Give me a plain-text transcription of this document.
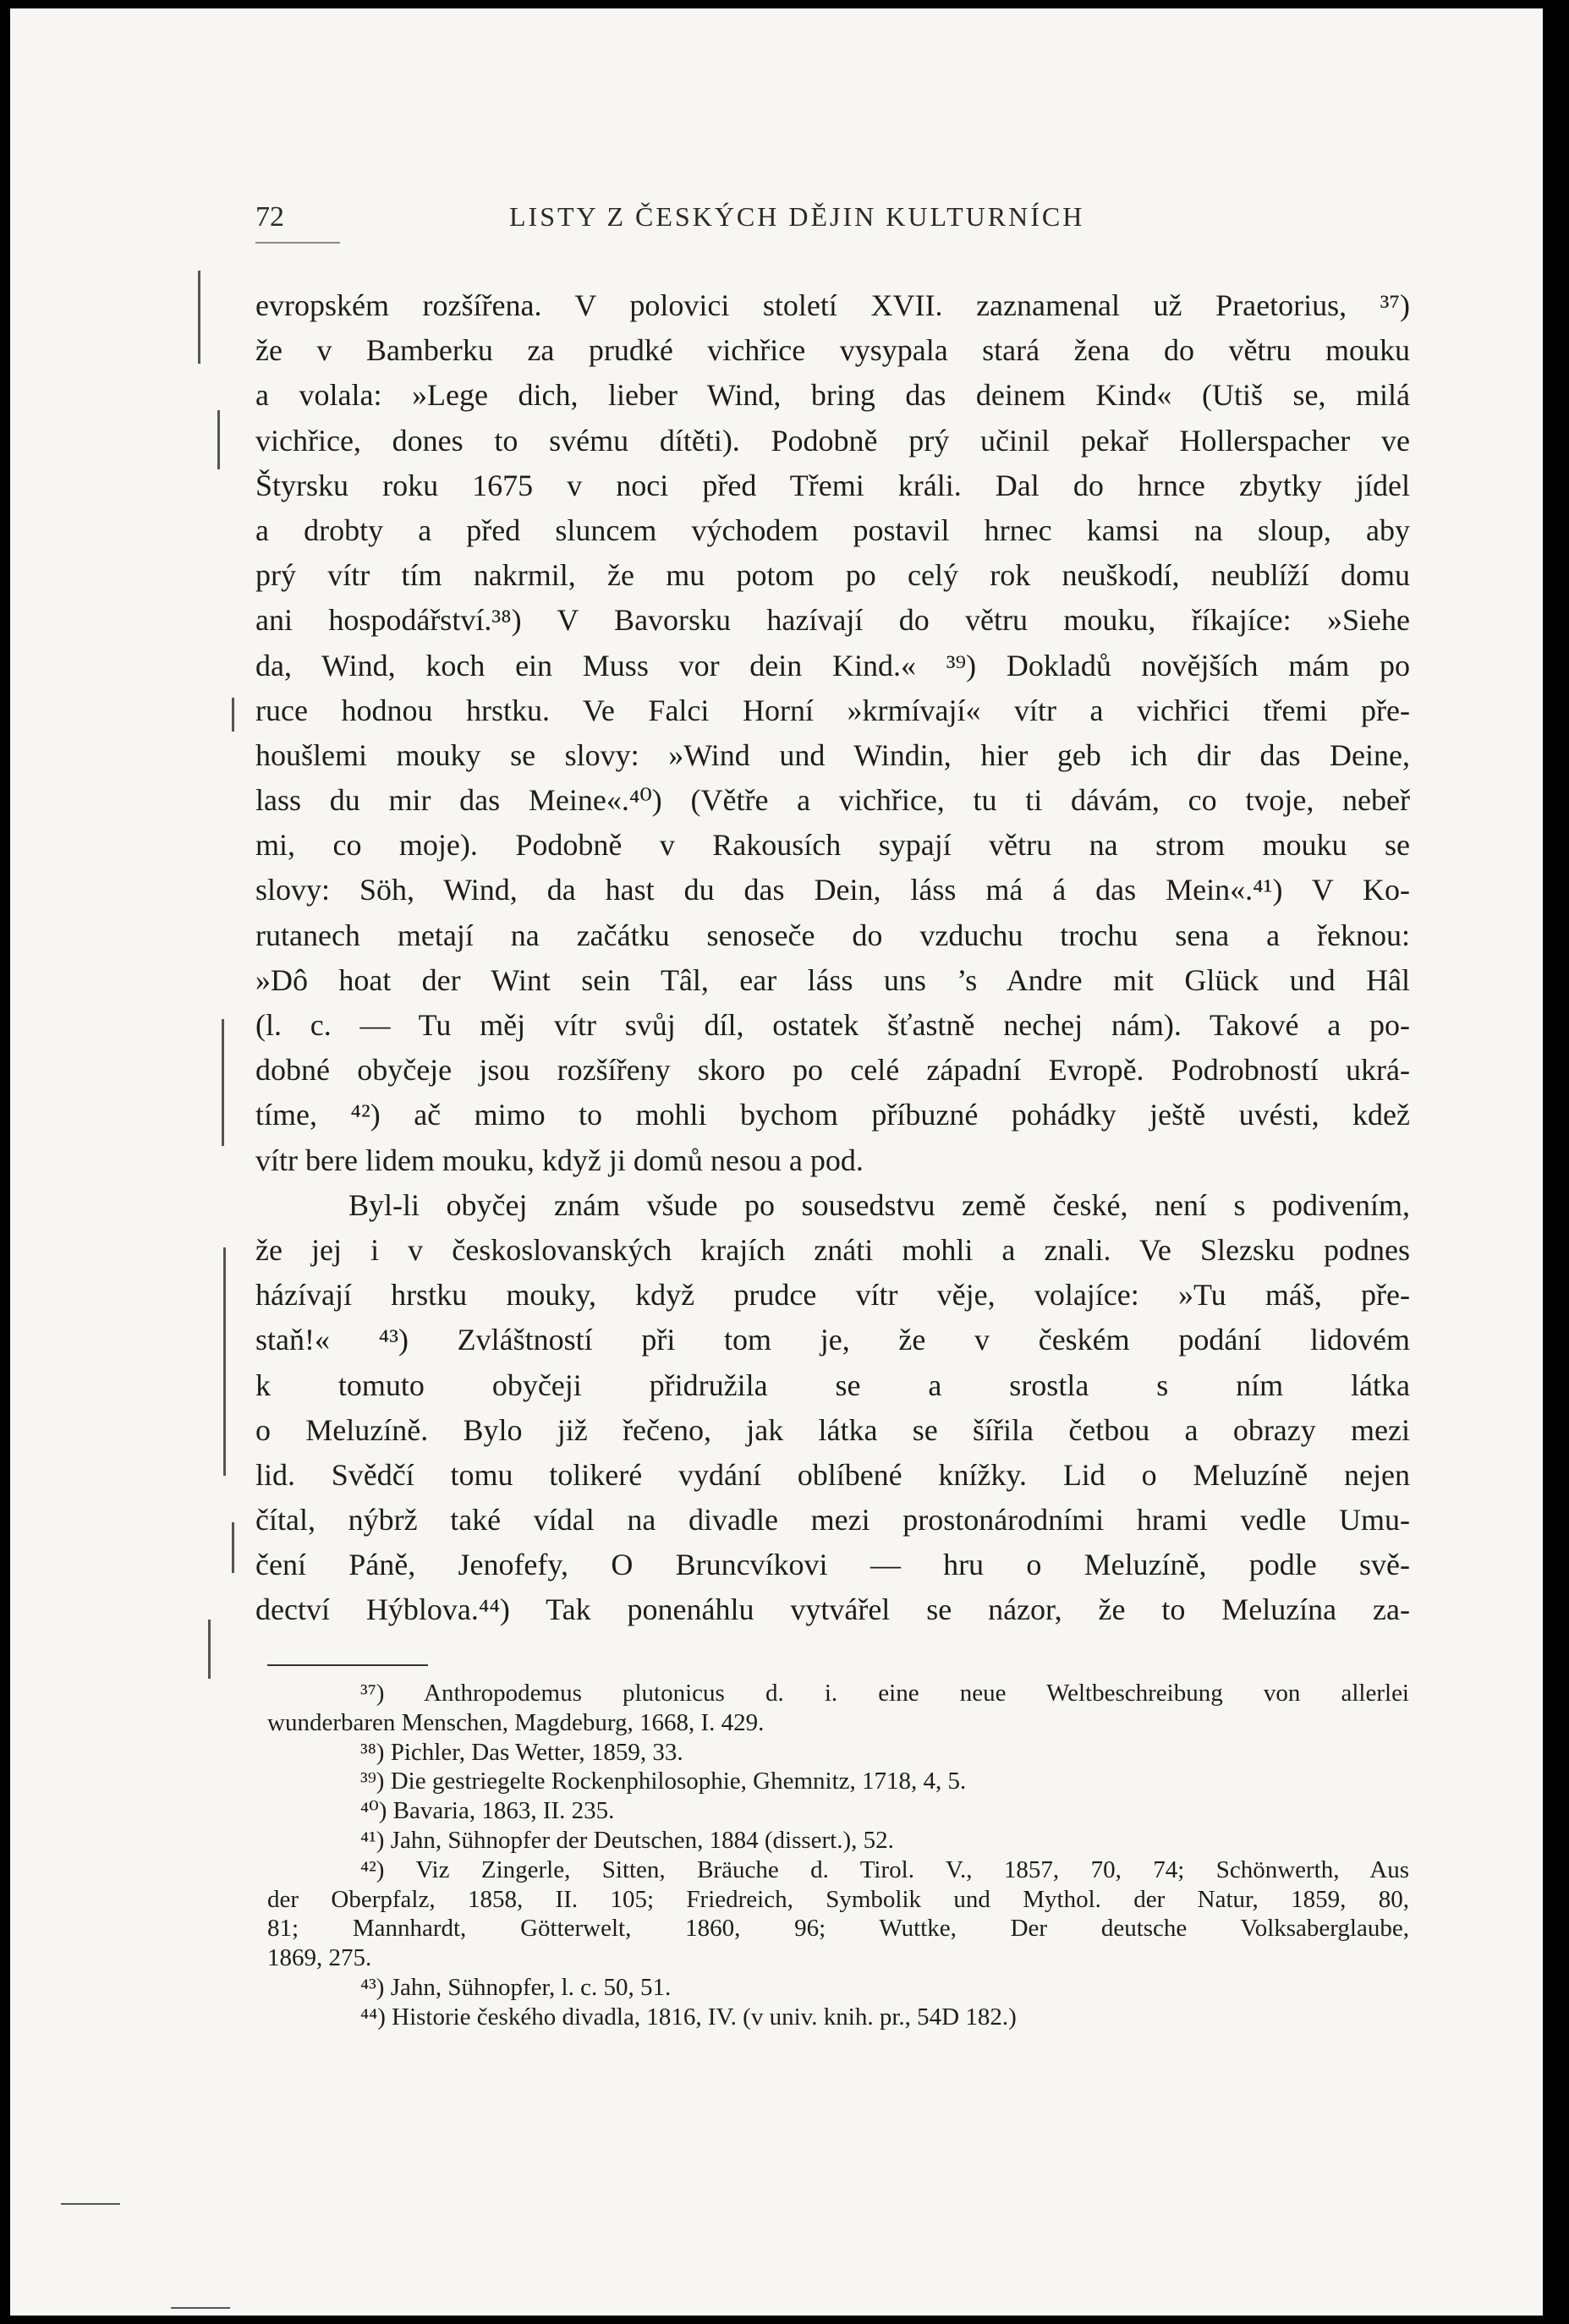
72	LISTY Z ČESKÝCH DĚJIN KULTURNÍCH
evropském rozšířena. V polovici století XVII. zaznamenal už Praetorius, ³⁷)
že v Bamberku za prudké vichřice vysypala stará žena do větru mouku
a volala: »Lege dich, lieber Wind, bring das deinem Kind« (Utiš se, milá
vichřice, dones to svému dítěti). Podobně prý učinil pekař Hollerspacher ve
Štyrsku roku 1675 v noci před Třemi králi. Dal do hrnce zbytky jídel
a drobty a před sluncem východem postavil hrnec kamsi na sloup, aby
prý vítr tím nakrmil, že mu potom po celý rok neuškodí, neublíží domu
ani hospodářství.³⁸) V Bavorsku hazívají do větru mouku, říkajíce: »Siehe
da, Wind, koch ein Muss vor dein Kind.« ³⁹) Dokladů novějších mám po
ruce hodnou hrstku. Ve Falci Horní »krmívají« vítr a vichřici třemi pře-
houšlemi mouky se slovy: »Wind und Windin, hier geb ich dir das Deine,
lass du mir das Meine«.⁴⁰) (Větře a vichřice, tu ti dávám, co tvoje, nebeř
mi, co moje). Podobně v Rakousích sypají větru na strom mouku se
slovy: Söh, Wind, da hast du das Dein, láss má á das Mein«.⁴¹) V Ko-
rutanech metají na začátku senoseče do vzduchu trochu sena a řeknou:
»Dô hoat der Wint sein Tâl, ear láss uns ’s Andre mit Glück und Hâl
(l. c. — Tu měj vítr svůj díl, ostatek šťastně nechej nám). Takové a po-
dobné obyčeje jsou rozšířeny skoro po celé západní Evropě. Podrobností ukrá-
tíme, ⁴²) ač mimo to mohli bychom příbuzné pohádky ještě uvésti, kdež
vítr bere lidem mouku, když ji domů nesou a pod.
Byl-li obyčej znám všude po sousedstvu země české, není s podivením,
že jej i v českoslovanských krajích znáti mohli a znali. Ve Slezsku podnes
házívají hrstku mouky, když prudce vítr věje, volajíce: »Tu máš, pře-
staň!« ⁴³) Zvláštností při tom je, že v českém podání lidovém
k tomuto obyčeji přidružila se a srostla s ním látka
o Meluzíně. Bylo již řečeno, jak látka se šířila četbou a obrazy mezi
lid. Svědčí tomu tolikeré vydání oblíbené knížky. Lid o Meluzíně nejen
čítal, nýbrž také vídal na divadle mezi prostonárodními hrami vedle Umu-
čení Páně, Jenofefy, O Bruncvíkovi — hru o Meluzíně, podle svě-
dectví Hýblova.⁴⁴) Tak ponenáhlu vytvářel se názor, že to Meluzína za-
³⁷) Anthropodemus plutonicus d. i. eine neue Weltbeschreibung von allerlei
wunderbaren Menschen, Magdeburg, 1668, I. 429.
³⁸) Pichler, Das Wetter, 1859, 33.
³⁹) Die gestriegelte Rockenphilosophie, Ghemnitz, 1718, 4, 5.
⁴⁰) Bavaria, 1863, II. 235.
⁴¹) Jahn, Sühnopfer der Deutschen, 1884 (dissert.), 52.
⁴²) Viz Zingerle, Sitten, Bräuche d. Tirol. V., 1857, 70, 74; Schönwerth, Aus
der Oberpfalz, 1858, II. 105; Friedreich, Symbolik und Mythol. der Natur, 1859, 80,
81; Mannhardt, Götterwelt, 1860, 96; Wuttke, Der deutsche Volksaberglaube,
1869, 275.
⁴³) Jahn, Sühnopfer, l. c. 50, 51.
⁴⁴) Historie českého divadla, 1816, IV. (v univ. knih. pr., 54D 182.)
